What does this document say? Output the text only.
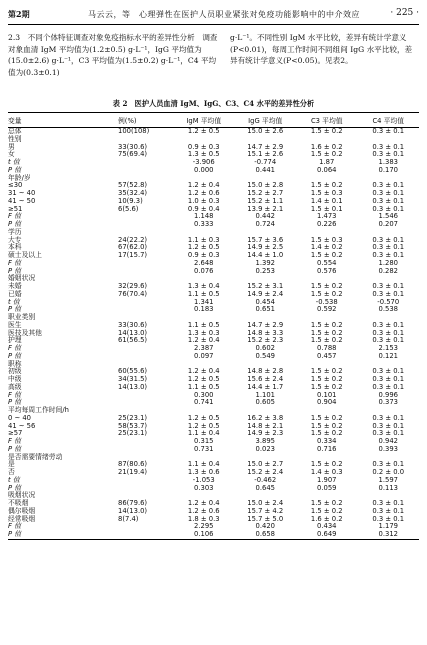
第2期	马云云，等　心理弹性在医护人员职业紧张对免疫功能影响中的中介效应	· 225 ·

2.3　不同个体特征调查对象免疫指标水平的差异性分析　调查对象血清 IgM 平均值为(1.2±0.5) g·L⁻¹，IgG 平均值为(15.0±2.6) g·L⁻¹，C3 平均值为(1.5±0.2) g·L⁻¹，C4 平均值为(0.3±0.1)

g·L⁻¹。不同性别 IgM 水平比较，差异有统计学意义(P<0.01)，每周工作时间不同组间 IgG 水平比较，差异有统计学意义(P<0.05)。见表2。

表 2　医护人员血清 IgM、IgG、C3、C4 水平的差异性分析
变量	例(%)	IgM 平均值	IgG 平均值	C3 平均值	C4 平均值
总体	100(108)	1.2 ± 0.5	15.0 ± 2.6	1.5 ± 0.2	0.3 ± 0.1
性别					
男	33(30.6)	0.9 ± 0.3	14.7 ± 2.9	1.6 ± 0.2	0.3 ± 0.1
女	75(69.4)	1.3 ± 0.5	15.1 ± 2.6	1.5 ± 0.2	0.3 ± 0.1
t 值		-3.906	-0.774	1.87	1.383
P 值		0.000	0.441	0.064	0.170
年龄/岁					
≤30	57(52.8)	1.2 ± 0.4	15.0 ± 2.8	1.5 ± 0.2	0.3 ± 0.1
31 ~ 40	35(32.4)	1.2 ± 0.6	15.2 ± 2.7	1.5 ± 0.3	0.3 ± 0.1
41 ~ 50	10(9.3)	1.0 ± 0.3	15.2 ± 1.1	1.4 ± 0.1	0.3 ± 0.1
≥51	6(5.6)	0.9 ± 0.4	13.9 ± 2.1	1.5 ± 0.1	0.3 ± 0.1
F 值		1.148	0.442	1.473	1.546
P 值		0.333	0.724	0.226	0.207
学历					
大专	24(22.2)	1.1 ± 0.3	15.7 ± 3.6	1.5 ± 0.3	0.3 ± 0.1
本科	67(62.0)	1.2 ± 0.5	14.9 ± 2.5	1.4 ± 0.2	0.3 ± 0.1
硕士及以上	17(15.7)	0.9 ± 0.3	14.4 ± 1.0	1.5 ± 0.2	0.3 ± 0.1
F 值		2.648	1.392	0.554	1.280
P 值		0.076	0.253	0.576	0.282
婚姻状况					
未婚	32(29.6)	1.3 ± 0.4	15.2 ± 3.1	1.5 ± 0.2	0.3 ± 0.1
已婚	76(70.4)	1.1 ± 0.5	14.9 ± 2.4	1.5 ± 0.2	0.3 ± 0.1
t 值		1.341	0.454	-0.538	-0.570
P 值		0.183	0.651	0.592	0.538
职业类别					
医生	33(30.6)	1.1 ± 0.5	14.7 ± 2.9	1.5 ± 0.2	0.3 ± 0.1
医技及其他	14(13.0)	1.3 ± 0.3	14.8 ± 3.3	1.5 ± 0.2	0.3 ± 0.1
护理	61(56.5)	1.2 ± 0.4	15.2 ± 2.3	1.5 ± 0.2	0.3 ± 0.1
F 值		2.387	0.602	0.788	2.153
P 值		0.097	0.549	0.457	0.121
职称					
初级	60(55.6)	1.2 ± 0.4	14.8 ± 2.8	1.5 ± 0.2	0.3 ± 0.1
中级	34(31.5)	1.2 ± 0.5	15.6 ± 2.4	1.5 ± 0.2	0.3 ± 0.1
高级	14(13.0)	1.1 ± 0.5	14.4 ± 1.7	1.5 ± 0.2	0.3 ± 0.1
F 值		0.300	1.101	0.101	0.996
P 值		0.741	0.605	0.904	0.373
平均每周工作时间/h					
0 ~ 40	25(23.1)	1.2 ± 0.5	16.2 ± 3.8	1.5 ± 0.2	0.3 ± 0.1
41 ~ 56	58(53.7)	1.2 ± 0.5	14.8 ± 2.1	1.5 ± 0.2	0.3 ± 0.1
≥57	25(23.1)	1.1 ± 0.4	14.9 ± 2.3	1.5 ± 0.2	0.3 ± 0.1
F 值		0.315	3.895	0.334	0.942
P 值		0.731	0.023	0.716	0.393
是否需要情绪劳动					
是	87(80.6)	1.1 ± 0.4	15.0 ± 2.7	1.5 ± 0.2	0.3 ± 0.1
否	21(19.4)	1.3 ± 0.6	15.2 ± 2.4	1.4 ± 0.3	0.2 ± 0.0
t 值		-1.053	-0.462	1.907	1.597
P 值		0.303	0.645	0.059	0.113
吸烟状况					
不吸烟	86(79.6)	1.2 ± 0.4	15.0 ± 2.4	1.5 ± 0.2	0.3 ± 0.1
偶尔吸烟	14(13.0)	1.2 ± 0.6	15.7 ± 4.2	1.5 ± 0.2	0.3 ± 0.1
经常吸烟	8(7.4)	1.8 ± 0.3	15.7 ± 5.0	1.6 ± 0.2	0.3 ± 0.1
F 值		2.295	0.420	0.434	1.179
P 值		0.106	0.658	0.649	0.312
